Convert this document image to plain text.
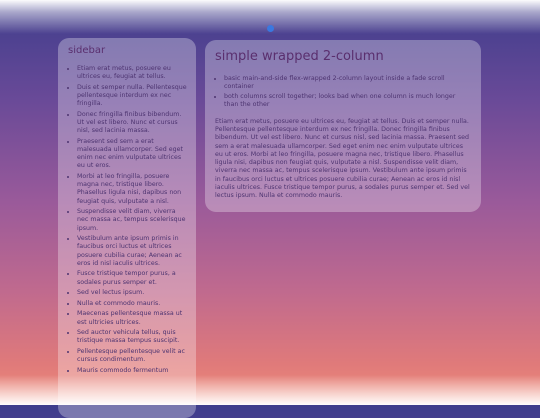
sidebar
• Etiam erat metus, posuere eu ultrices eu, feugiat at tellus.
• Duis et semper nulla. Pellentesque pellentesque interdum ex nec fringilla.
• Donec fringilla finibus bibendum. Ut vel est libero. Nunc et cursus nisl, sed lacinia massa.
• Praesent sed sem a erat malesuada ullamcorper. Sed eget enim nec enim vulputate ultrices eu ut eros.
• Morbi at leo fringilla, posuere magna nec, tristique libero. Phasellus ligula nisi, dapibus non feugiat quis, vulputate a nisl.
• Suspendisse velit diam, viverra nec massa ac, tempus scelerisque ipsum.
• Vestibulum ante ipsum primis in faucibus orci luctus et ultrices posuere cubilia curae; Aenean ac eros id nisl iaculis ultrices.
• Fusce tristique tempor purus, a sodales purus semper et.
• Sed vel lectus ipsum.
• Nulla et commodo mauris.
• Maecenas pellentesque massa ut est ultricies ultrices.
• Sed auctor vehicula tellus, quis tristique massa tempus suscipit.
• Pellentesque pellentesque velit ac cursus condimentum.
• Mauris commodo fermentum
simple wrapped 2-column
• basic main-and-side flex-wrapped 2-column layout inside a fade scroll container
• both columns scroll together; looks bad when one column is much longer than the other

Etiam erat metus, posuere eu ultrices eu, feugiat at tellus. Duis et semper nulla. Pellentesque pellentesque interdum ex nec fringilla. Donec fringilla finibus bibendum. Ut vel est libero. Nunc et cursus nisl, sed lacinia massa. Praesent sed sem a erat malesuada ullamcorper. Sed eget enim nec enim vulputate ultrices eu ut eros. Morbi at leo fringilla, posuere magna nec, tristique libero. Phasellus ligula nisi, dapibus non feugiat quis, vulputate a nisl. Suspendisse velit diam, viverra nec massa ac, tempus scelerisque ipsum. Vestibulum ante ipsum primis in faucibus orci luctus et ultrices posuere cubilia curae; Aenean ac eros id nisl iaculis ultrices. Fusce tristique tempor purus, a sodales purus semper et. Sed vel lectus ipsum. Nulla et commodo mauris.
